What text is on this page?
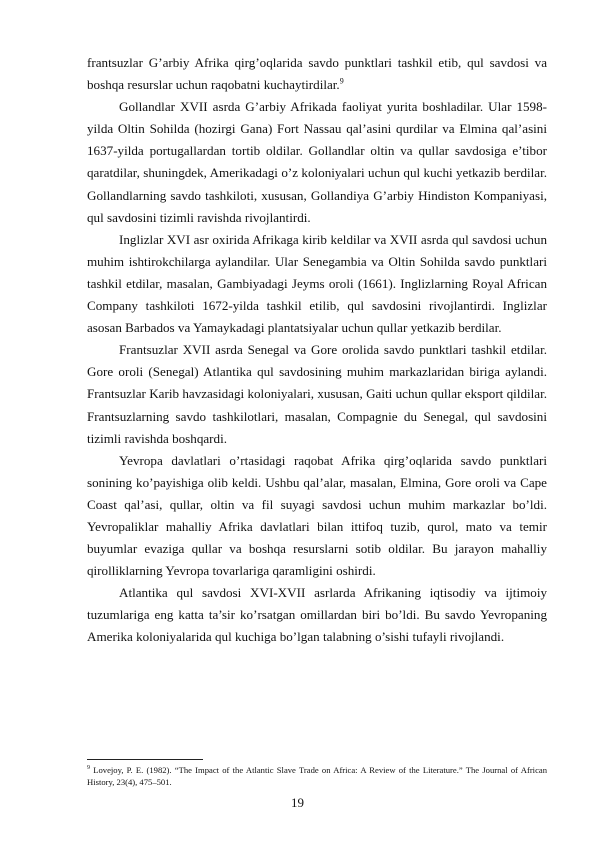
frantsuzlar G’arbiy Afrika qirg’oqlarida savdo punktlari tashkil etib, qul savdosi va boshqa resurslar uchun raqobatni kuchaytirdilar.$^9$

Gollandlar XVII asrda G’arbiy Afrikada faoliyat yurita boshladilar. Ular 1598-yilda Oltin Sohilda (hozirgi Gana) Fort Nassau qal’asini qurdilar va Elmina qal’asini 1637-yilda portugallardan tortib oldilar. Gollandlar oltin va qullar savdosiga e’tibor qaratdilar, shuningdek, Amerikadagi o’z koloniyalari uchun qul kuchi yetkazib berdilar. Gollandlarning savdo tashkiloti, xususan, Gollandiya G’arbiy Hindiston Kompaniyasi, qul savdosini tizimli ravishda rivojlantirdi.

Inglizlar XVI asr oxirida Afrikaga kirib keldilar va XVII asrda qul savdosi uchun muhim ishtirokchilarga aylandilar. Ular Senegambia va Oltin Sohilda savdo punktlari tashkil etdilar, masalan, Gambiyadagi Jeyms oroli (1661). Inglizlarning Royal African Company tashkiloti 1672-yilda tashkil etilib, qul savdosini rivojlantirdi. Inglizlar asosan Barbados va Yamaykadagi plantatsiyalar uchun qullar yetkazib berdilar.

Frantsuzlar XVII asrda Senegal va Gore orolida savdo punktlari tashkil etdilar. Gore oroli (Senegal) Atlantika qul savdosining muhim markazlaridan biriga aylandi. Frantsuzlar Karib havzasidagi koloniyalari, xususan, Gaiti uchun qullar eksport qildilar. Frantsuzlarning savdo tashkilotlari, masalan, Compagnie du Senegal, qul savdosini tizimli ravishda boshqardi.

Yevropa davlatlari o’rtasidagi raqobat Afrika qirg’oqlarida savdo punktlari sonining ko’payishiga olib keldi. Ushbu qal’alar, masalan, Elmina, Gore oroli va Cape Coast qal’asi, qullar, oltin va fil suyagi savdosi uchun muhim markazlar bo’ldi. Yevropaliklar mahalliy Afrika davlatlari bilan ittifoq tuzib, qurol, mato va temir buyumlar evaziga qullar va boshqa resurslarni sotib oldilar. Bu jarayon mahalliy qirolliklarning Yevropa tovarlariga qaramligini oshirdi.

Atlantika qul savdosi XVI-XVII asrlarda Afrikaning iqtisodiy va ijtimoiy tuzumlariga eng katta ta’sir ko’rsatgan omillardan biri bo’ldi. Bu savdo Yevropaning Amerika koloniyalarida qul kuchiga bo’lgan talabning o’sishi tufayli rivojlandi.

$^9$ Lovejoy, P. E. (1982). “The Impact of the Atlantic Slave Trade on Africa: A Review of the Literature.” The Journal of African History, 23(4), 475–501.

19
